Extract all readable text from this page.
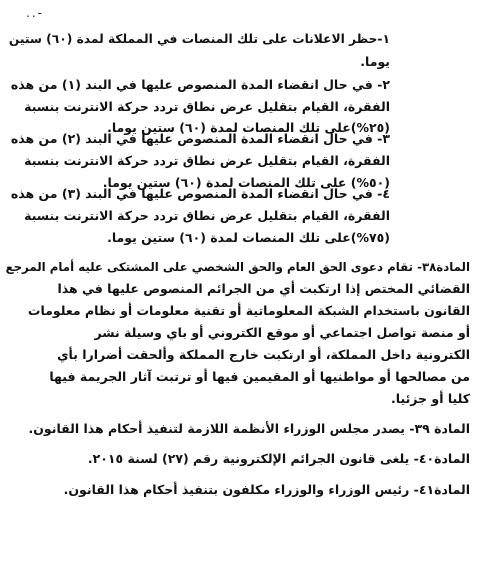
..-
١-حظر الاعلانات على تلك المنصات في المملكة لمدة (٦٠) ستين
يوما.
٢- في حال انقضاء المدة المنصوص عليها في البند (١) من هذه
الفقرة، القيام بتقليل عرض نطاق تردد حركة الانترنت بنسبة
(٢٥%)على تلك المنصات لمدة (٦٠) ستين يوما.
٣- في حال انقضاء المدة المنصوص عليها في البند (٢) من هذه
الفقرة، القيام بتقليل عرض نطاق تردد حركة الانترنت بنسبة
(٥٠%) على تلك المنصات لمدة (٦٠) ستين يوما.
٤- في حال انقضاء المدة المنصوص عليها في البند (٣) من هذه
الفقرة، القيام بتقليل عرض نطاق تردد حركة الانترنت بنسبة
(٧٥%)على تلك المنصات لمدة (٦٠) ستين يوما.
المادة٣٨- تقام دعوى الحق العام والحق الشخصي على المشتكى عليه أمام المرجع
القضائي المختص إذا ارتكبت أي من الجرائم المنصوص عليها في هذا
القانون باستخدام الشبكة المعلوماتية أو تقنية معلومات أو نظام معلومات
أو منصة تواصل اجتماعي أو موقع الكتروني أو باي وسيلة نشر
الكترونية داخل المملكة، أو ارتكبت خارج المملكة وألحقت أضرارا بأي
من مصالحها أو مواطنيها أو المقيمين فيها أو ترتبت آثار الجريمة فيها
كليا أو جزئيا.
المادة ٣٩- يصدر مجلس الوزراء الأنظمة اللازمة لتنفيذ أحكام هذا القانون.
المادة٤٠- يلغى قانون الجرائم الإلكترونية رقم (٢٧) لسنة ٢٠١٥.
المادة٤١- رئيس الوزراء والوزراء مكلفون بتنفيذ أحكام هذا القانون.
